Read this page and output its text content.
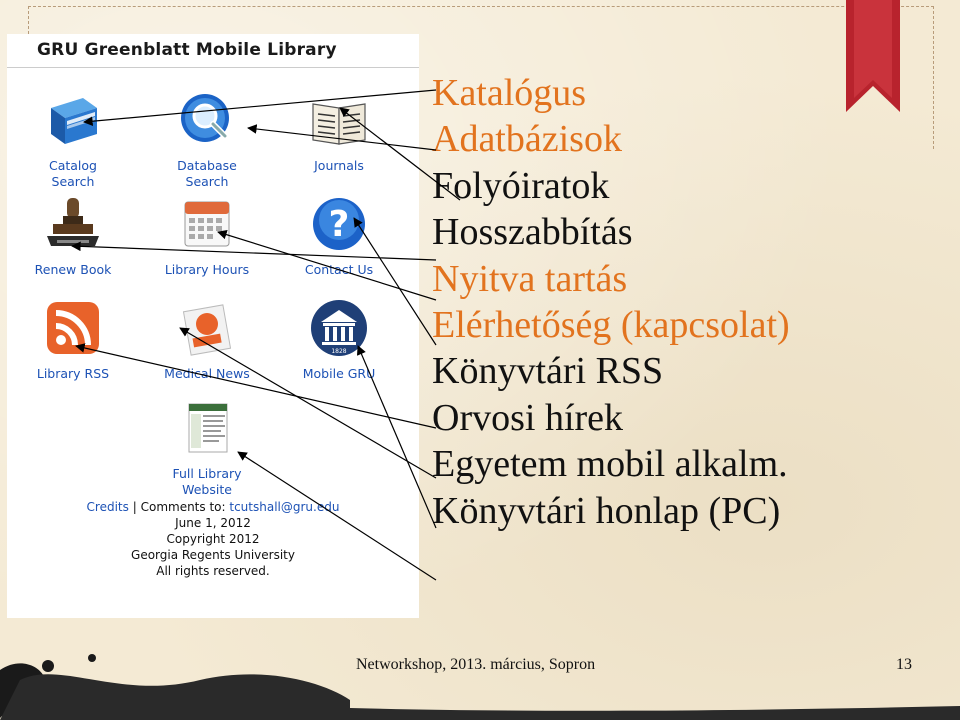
GRU Greenblatt Mobile Library
Catalog
Search
Database
Search
Journals

Renew Book	Library Hours

?
Contact Us

Library RSS	Medical News

1828
Mobile GRU

Full Library
Website
Credits | Comments to: tcutshall@gru.edu
June 1, 2012
Copyright 2012
Georgia Regents University
All rights reserved.
Katalógus
Adatbázisok
Folyóiratok
Hosszabbítás
Nyitva tartás
Elérhetőség (kapcsolat)
Könyvtári RSS
Orvosi hírek
Egyetem mobil alkalm.
Könyvtári honlap (PC)
Networkshop, 2013. március, Sopron	13
